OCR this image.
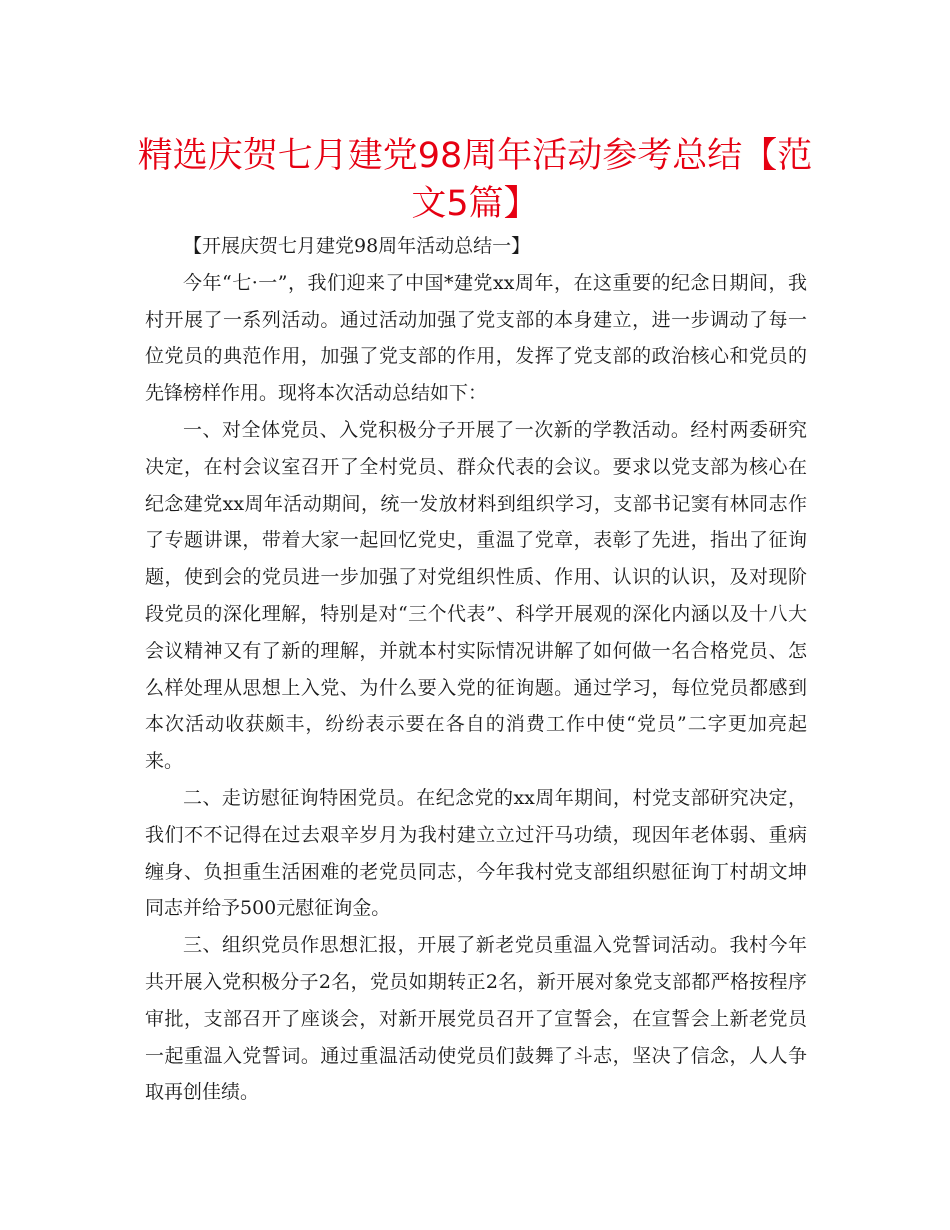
精选庆贺七月建党98周年活动参考总结【范文5篇】

【开展庆贺七月建党98周年活动总结一】

今年“七·一”，我们迎来了中国*建党xx周年，在这重要的纪念日期间，我村开展了一系列活动。通过活动加强了党支部的本身建立，进一步调动了每一位党员的典范作用，加强了党支部的作用，发挥了党支部的政治核心和党员的先锋榜样作用。现将本次活动总结如下：

一、对全体党员、入党积极分子开展了一次新的学教活动。经村两委研究决定，在村会议室召开了全村党员、群众代表的会议。要求以党支部为核心在纪念建党xx周年活动期间，统一发放材料到组织学习，支部书记窦有林同志作了专题讲课，带着大家一起回忆党史，重温了党章，表彰了先进，指出了征询题，使到会的党员进一步加强了对党组织性质、作用、认识的认识，及对现阶段党员的深化理解，特别是对“三个代表”、科学开展观的深化内涵以及十八大会议精神又有了新的理解，并就本村实际情况讲解了如何做一名合格党员、怎么样处理从思想上入党、为什么要入党的征询题。通过学习，每位党员都感到本次活动收获颇丰，纷纷表示要在各自的消费工作中使“党员”二字更加亮起来。

二、走访慰征询特困党员。在纪念党的xx周年期间，村党支部研究决定，我们不不记得在过去艰辛岁月为我村建立立过汗马功绩，现因年老体弱、重病缠身、负担重生活困难的老党员同志，今年我村党支部组织慰征询丁村胡文坤同志并给予500元慰征询金。

三、组织党员作思想汇报，开展了新老党员重温入党誓词活动。我村今年共开展入党积极分子2名，党员如期转正2名，新开展对象党支部都严格按程序审批，支部召开了座谈会，对新开展党员召开了宣誓会，在宣誓会上新老党员一起重温入党誓词。通过重温活动使党员们鼓舞了斗志，坚决了信念，人人争取再创佳绩。
